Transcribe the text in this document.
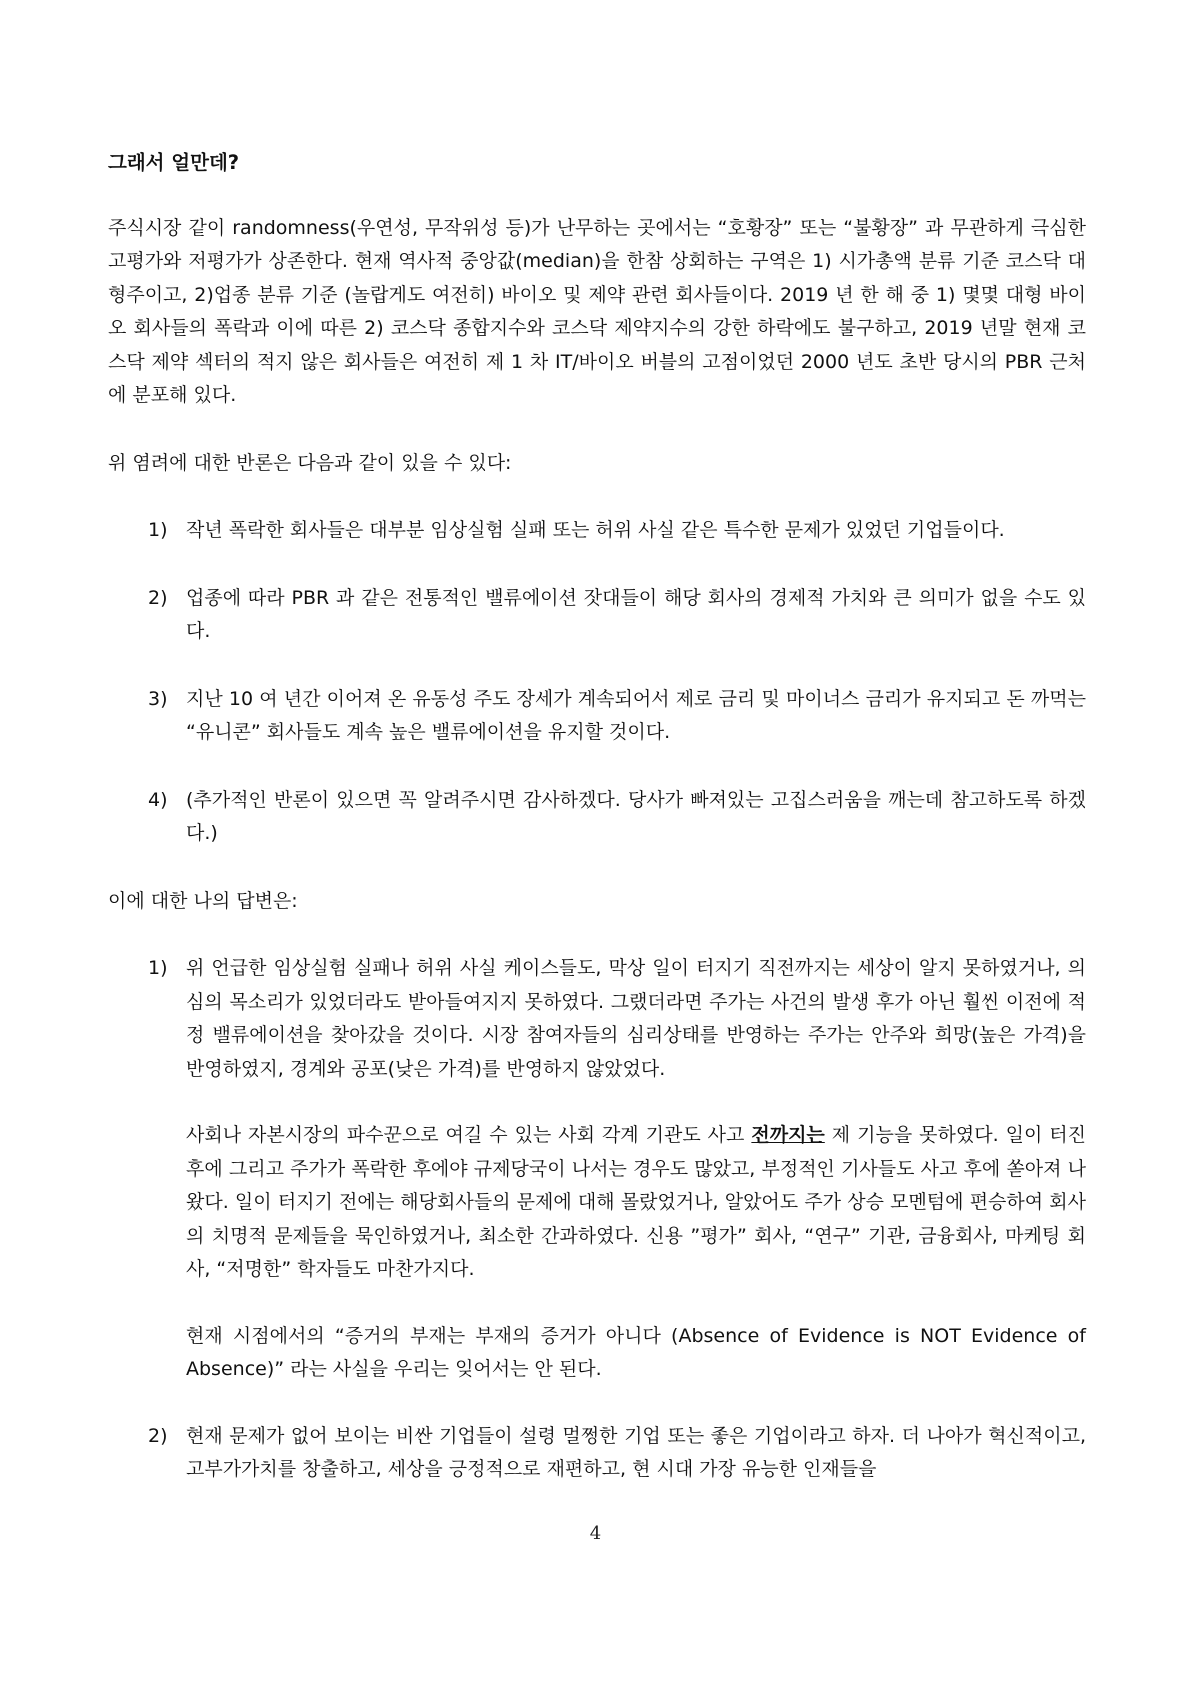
그래서 얼만데?

주식시장 같이 randomness(우연성, 무작위성 등)가 난무하는 곳에서는 “호황장” 또는 “불황장” 과 무관하게 극심한 고평가와 저평가가 상존한다. 현재 역사적 중앙값(median)을 한참 상회하는 구역은 1) 시가총액 분류 기준 코스닥 대형주이고, 2)업종 분류 기준 (놀랍게도 여전히) 바이오 및 제약 관련 회사들이다. 2019 년 한 해 중 1) 몇몇 대형 바이오 회사들의 폭락과 이에 따른 2) 코스닥 종합지수와 코스닥 제약지수의 강한 하락에도 불구하고, 2019 년말 현재 코스닥 제약 섹터의 적지 않은 회사들은 여전히 제 1 차 IT/바이오 버블의 고점이었던 2000 년도 초반 당시의 PBR 근처에 분포해 있다.

위 염려에 대한 반론은 다음과 같이 있을 수 있다:

1) 작년 폭락한 회사들은 대부분 임상실험 실패 또는 허위 사실 같은 특수한 문제가 있었던 기업들이다.
2) 업종에 따라 PBR 과 같은 전통적인 밸류에이션 잣대들이 해당 회사의 경제적 가치와 큰 의미가 없을 수도 있다.
3) 지난 10 여 년간 이어져 온 유동성 주도 장세가 계속되어서 제로 금리 및 마이너스 금리가 유지되고 돈 까먹는 “유니콘” 회사들도 계속 높은 밸류에이션을 유지할 것이다.
4) (추가적인 반론이 있으면 꼭 알려주시면 감사하겠다. 당사가 빠져있는 고집스러움을 깨는데 참고하도록 하겠다.)

이에 대한 나의 답변은:

1) 위 언급한 임상실험 실패나 허위 사실 케이스들도, 막상 일이 터지기 직전까지는 세상이 알지 못하였거나, 의심의 목소리가 있었더라도 받아들여지지 못하였다. 그랬더라면 주가는 사건의 발생 후가 아닌 훨씬 이전에 적정 밸류에이션을 찾아갔을 것이다. 시장 참여자들의 심리상태를 반영하는 주가는 안주와 희망(높은 가격)을 반영하였지, 경계와 공포(낮은 가격)를 반영하지 않았었다.
사회나 자본시장의 파수꾼으로 여길 수 있는 사회 각계 기관도 사고 전까지는 제 기능을 못하였다. 일이 터진 후에 그리고 주가가 폭락한 후에야 규제당국이 나서는 경우도 많았고, 부정적인 기사들도 사고 후에 쏟아져 나왔다. 일이 터지기 전에는 해당회사들의 문제에 대해 몰랐었거나, 알았어도 주가 상승 모멘텀에 편승하여 회사의 치명적 문제들을 묵인하였거나, 최소한 간과하였다. 신용 ”평가” 회사, “연구” 기관, 금융회사, 마케팅 회사, “저명한” 학자들도 마찬가지다.
현재 시점에서의 “증거의 부재는 부재의 증거가 아니다 (Absence of Evidence is NOT Evidence of Absence)” 라는 사실을 우리는 잊어서는 안 된다.
2) 현재 문제가 없어 보이는 비싼 기업들이 설령 멀쩡한 기업 또는 좋은 기업이라고 하자. 더 나아가 혁신적이고, 고부가가치를 창출하고, 세상을 긍정적으로 재편하고, 현 시대 가장 유능한 인재들을
4
